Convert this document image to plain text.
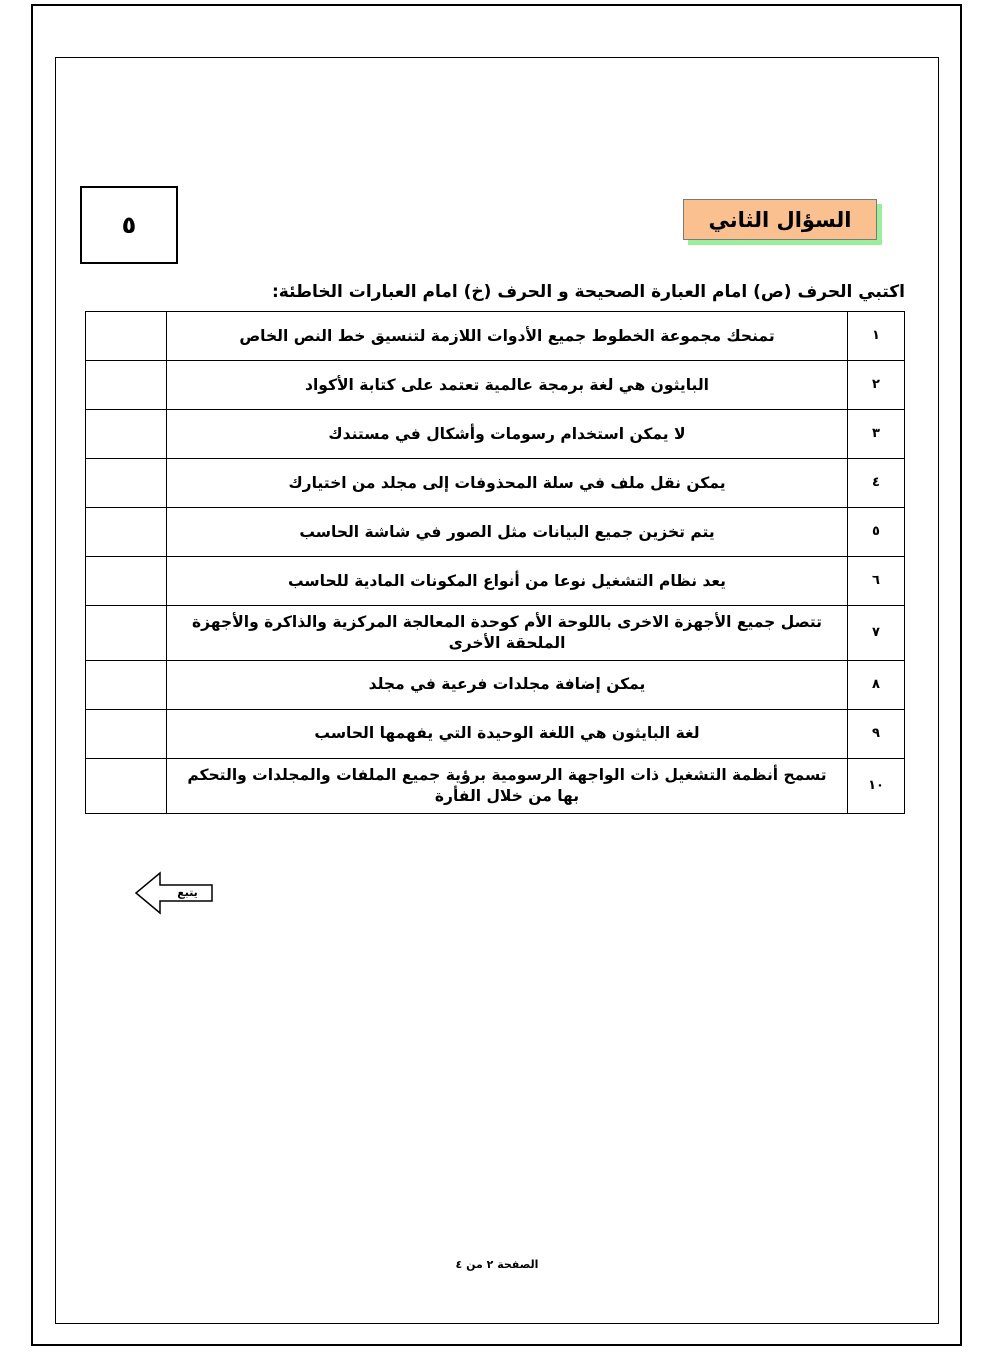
السؤال الثاني
٥
اكتبي الحرف (ص) امام العبارة الصحيحة و الحرف (خ) امام العبارات الخاطئة:
١	تمنحك مجموعة الخطوط جميع الأدوات اللازمة لتنسيق خط النص الخاص	
٢	البايثون هي لغة برمجة عالمية تعتمد على كتابة الأكواد	
٣	لا يمكن استخدام رسومات وأشكال في مستندك	
٤	يمكن نقل ملف في سلة المحذوفات إلى مجلد من اختيارك	
٥	يتم تخزين جميع البيانات مثل الصور في شاشة الحاسب	
٦	يعد نظام التشغيل نوعا من أنواع المكونات المادية للحاسب	
٧	تتصل جميع الأجهزة الاخرى باللوحة الأم كوحدة المعالجة المركزية والذاكرة والأجهزة الملحقة الأخرى	
٨	يمكن إضافة مجلدات فرعية في مجلد	
٩	لغة البايثون هي اللغة الوحيدة التي يفهمها الحاسب	
١٠	تسمح أنظمة التشغيل ذات الواجهة الرسومية برؤية جميع الملفات والمجلدات والتحكم بها من خلال الفأرة	
يتبع
الصفحة ٢ من ٤
